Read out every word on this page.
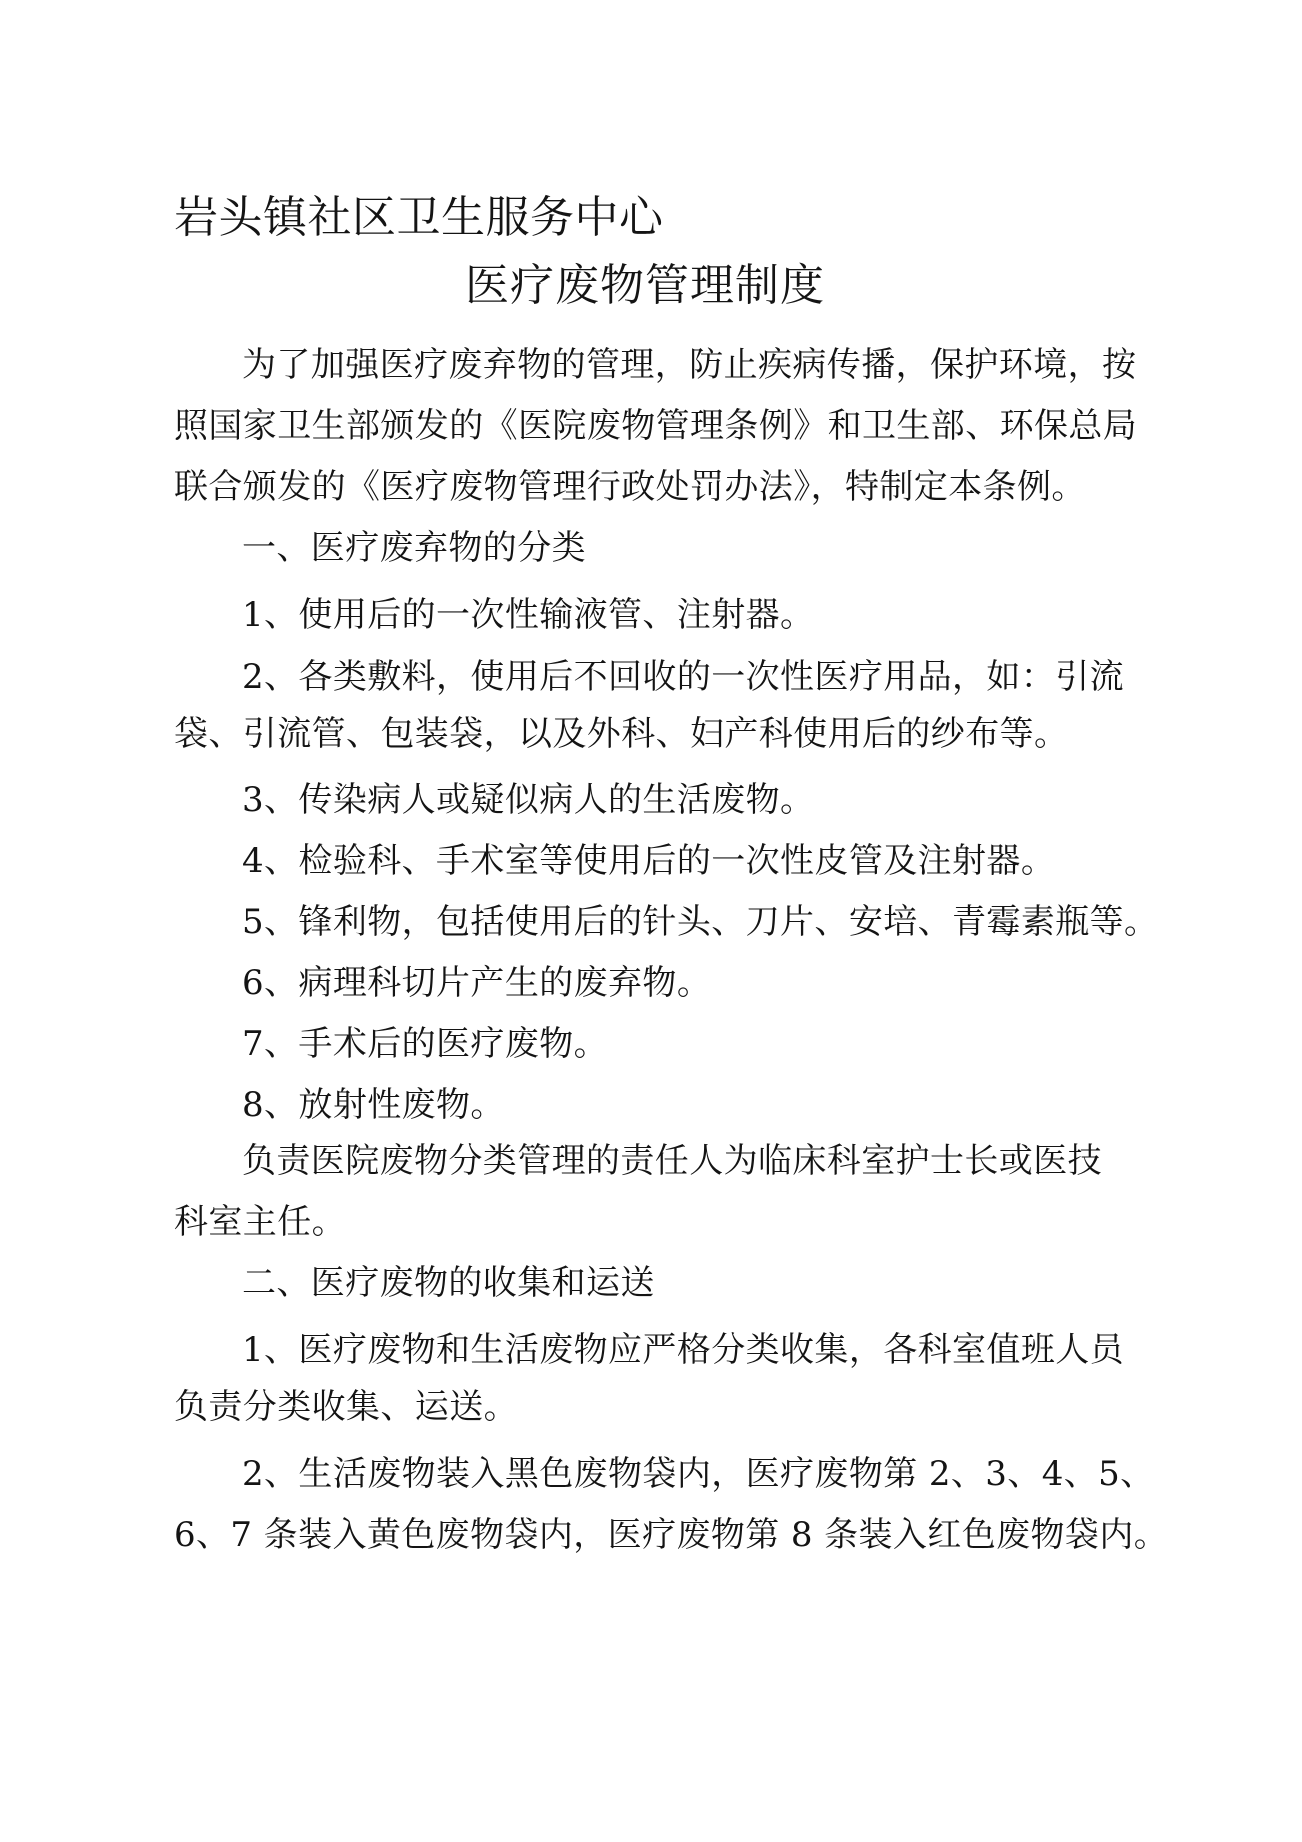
岩头镇社区卫生服务中心
医疗废物管理制度
为了加强医疗废弃物的管理，防止疾病传播，保护环境，按
照国家卫生部颁发的《医院废物管理条例》和卫生部、环保总局
联合颁发的《医疗废物管理行政处罚办法》，特制定本条例。
一、医疗废弃物的分类
1、使用后的一次性输液管、注射器。
2、各类敷料，使用后不回收的一次性医疗用品，如：引流
袋、引流管、包装袋，以及外科、妇产科使用后的纱布等。
3、传染病人或疑似病人的生活废物。
4、检验科、手术室等使用后的一次性皮管及注射器。
5、锋利物，包括使用后的针头、刀片、安培、青霉素瓶等。
6、病理科切片产生的废弃物。
7、手术后的医疗废物。
8、放射性废物。
负责医院废物分类管理的责任人为临床科室护士长或医技
科室主任。
二、医疗废物的收集和运送
1、医疗废物和生活废物应严格分类收集，各科室值班人员
负责分类收集、运送。
2、生活废物装入黑色废物袋内，医疗废物第 2、3、4、5、
6、7 条装入黄色废物袋内，医疗废物第 8 条装入红色废物袋内。
